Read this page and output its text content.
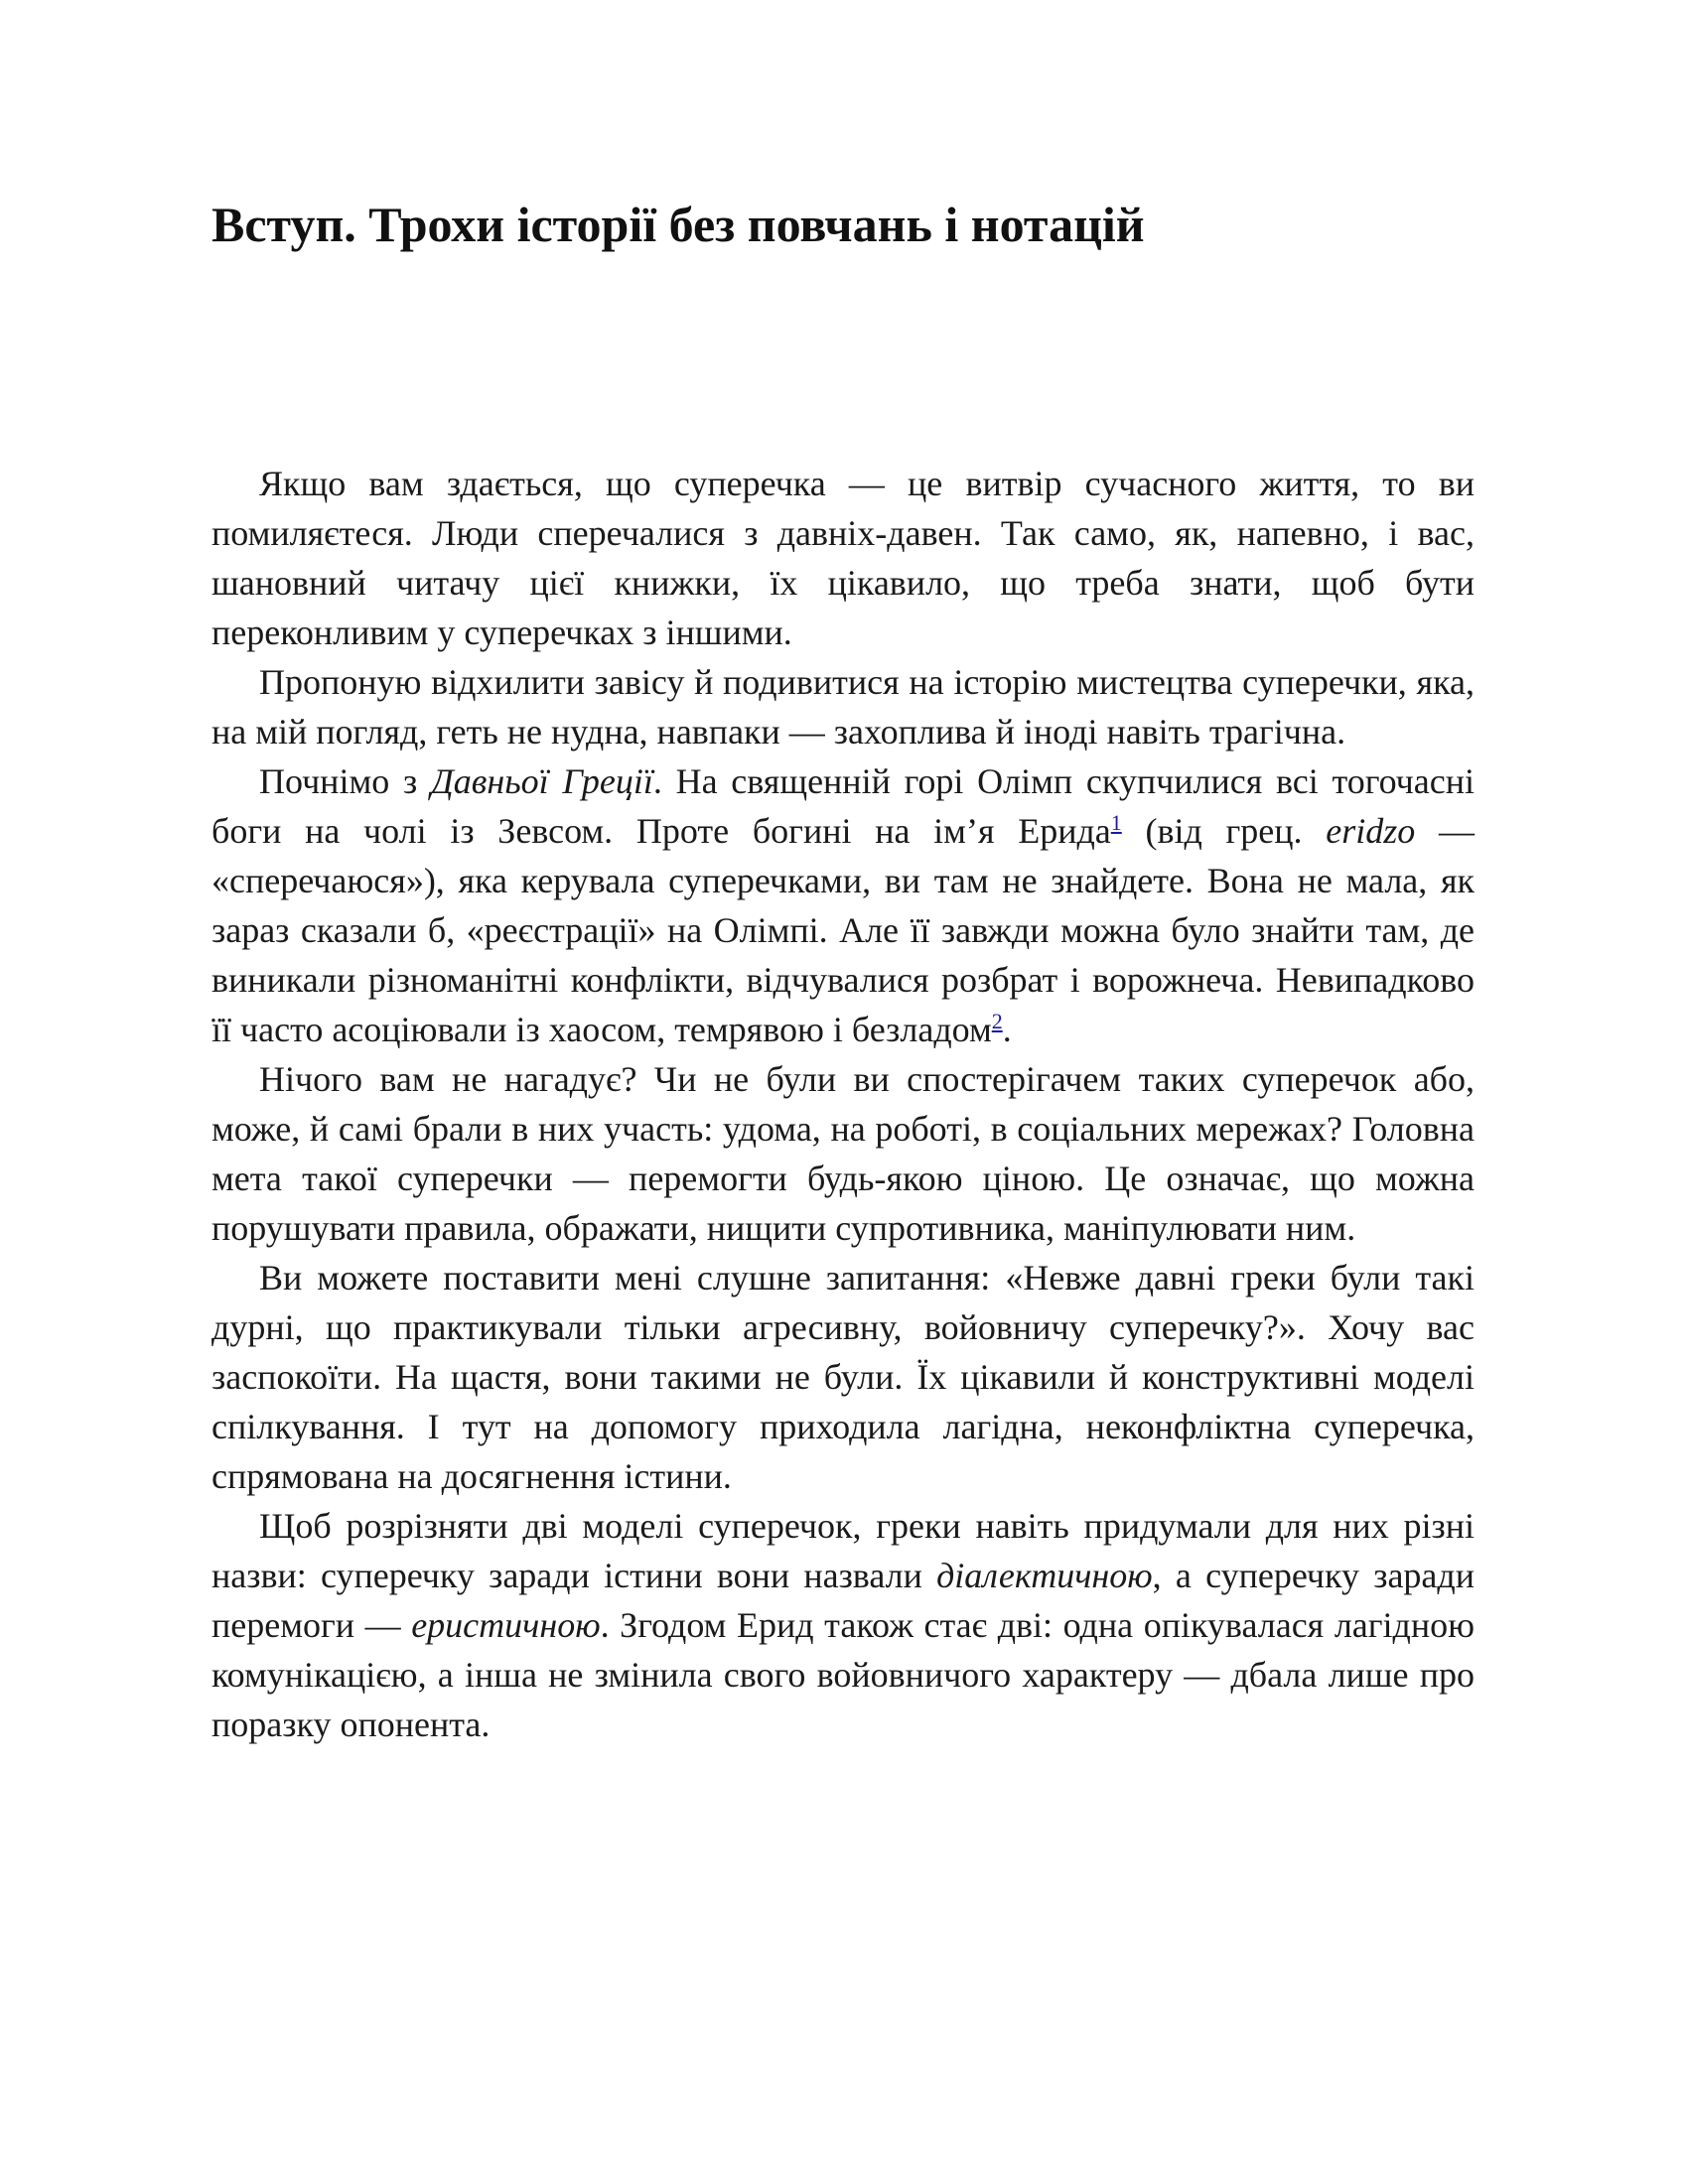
Вступ. Трохи історії без повчань і нотацій

Якщо вам здається, що суперечка — це витвір сучасного життя, то ви помиляєтеся. Люди сперечалися з давніх-давен. Так само, як, напевно, і вас, шановний читачу цієї книжки, їх цікавило, що треба знати, щоб бути переконливим у суперечках з іншими.

Пропоную відхилити завісу й подивитися на історію мистецтва суперечки, яка, на мій погляд, геть не нудна, навпаки — захоплива й іноді навіть трагічна.

Почнімо з Давньої Греції. На священній горі Олімп скупчилися всі тогочасні боги на чолі із Зевсом. Проте богині на ім’я Ерида$^1$ (від грец. eridzo — «сперечаюся»), яка керувала суперечками, ви там не знайдете. Вона не мала, як зараз сказали б, «реєстрації» на Олімпі. Але її завжди можна було знайти там, де виникали різноманітні конфлікти, відчувалися розбрат і ворожнеча. Невипадково її часто асоціювали із хаосом, темрявою і безладом$^2$.

Нічого вам не нагадує? Чи не були ви спостерігачем таких суперечок або, може, й самі брали в них участь: удома, на роботі, в соціальних мережах? Головна мета такої суперечки — перемогти будь-якою ціною. Це означає, що можна порушувати правила, ображати, нищити супротивника, маніпулювати ним.

Ви можете поставити мені слушне запитання: «Невже давні греки були такі дурні, що практикували тільки агресивну, войовничу суперечку?». Хочу вас заспокоїти. На щастя, вони такими не були. Їх цікавили й конструктивні моделі спілкування. І тут на допомогу приходила лагідна, неконфліктна суперечка, спрямована на досягнення істини.

Щоб розрізняти дві моделі суперечок, греки навіть придумали для них різні назви: суперечку заради істини вони назвали діалектичною, а суперечку заради перемоги — еристичною. Згодом Ерид також стає дві: одна опікувалася лагідною комунікацією, а інша не змінила свого войовничого характеру — дбала лише про поразку опонента.
